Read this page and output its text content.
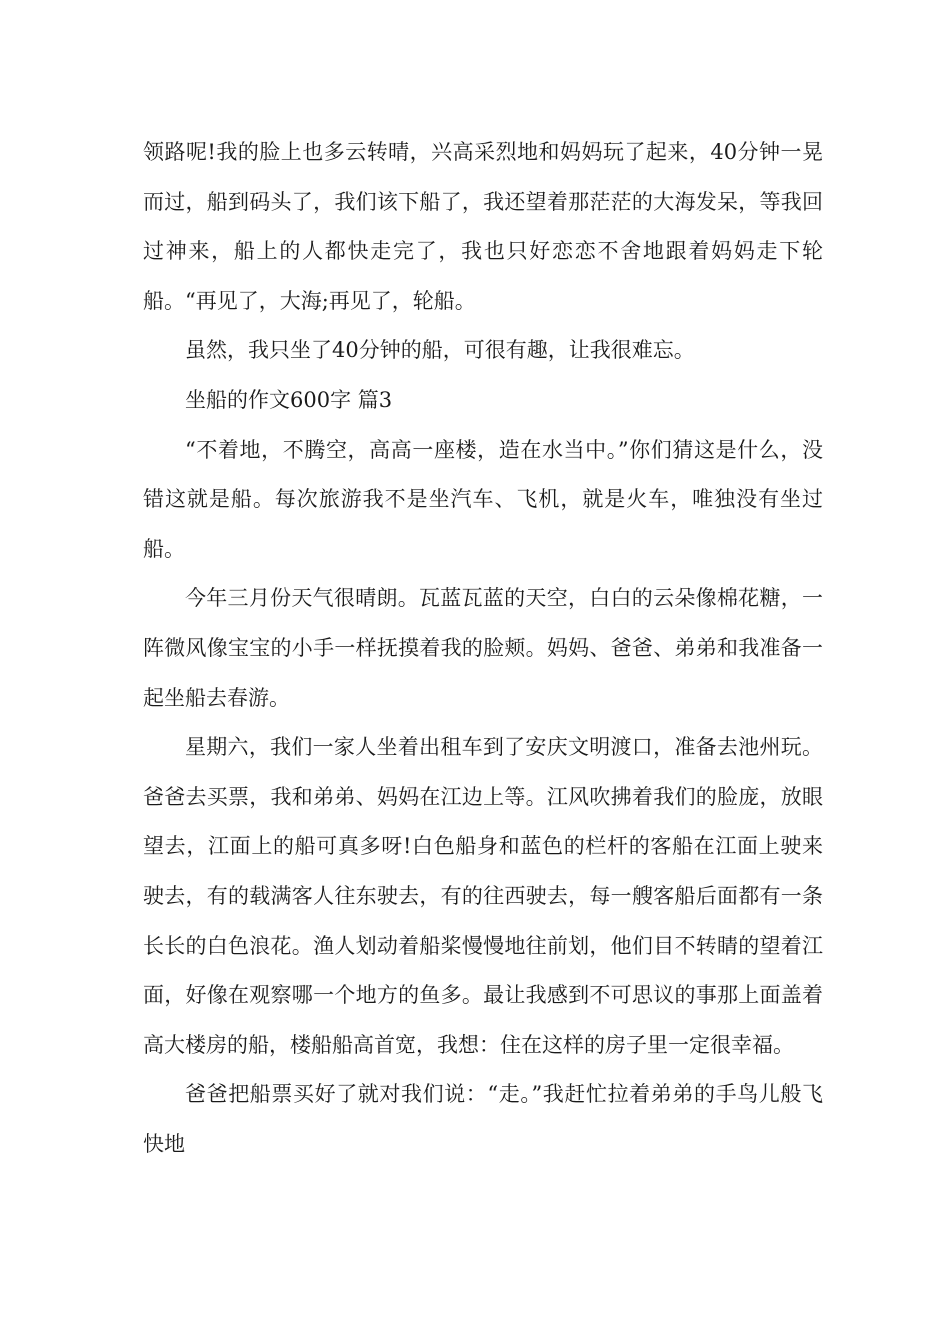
领路呢!我的脸上也多云转晴，兴高采烈地和妈妈玩了起来，40分钟一晃而过，船到码头了，我们该下船了，我还望着那茫茫的大海发呆，等我回过神来，船上的人都快走完了，我也只好恋恋不舍地跟着妈妈走下轮船。“再见了，大海;再见了，轮船。

虽然，我只坐了40分钟的船，可很有趣，让我很难忘。

坐船的作文600字 篇3

“不着地，不腾空，高高一座楼，造在水当中。”你们猜这是什么，没错这就是船。每次旅游我不是坐汽车、飞机，就是火车，唯独没有坐过船。

今年三月份天气很晴朗。瓦蓝瓦蓝的天空，白白的云朵像棉花糖，一阵微风像宝宝的小手一样抚摸着我的脸颊。妈妈、爸爸、弟弟和我准备一起坐船去春游。

星期六，我们一家人坐着出租车到了安庆文明渡口，准备去池州玩。爸爸去买票，我和弟弟、妈妈在江边上等。江风吹拂着我们的脸庞，放眼望去，江面上的船可真多呀!白色船身和蓝色的栏杆的客船在江面上驶来驶去，有的载满客人往东驶去，有的往西驶去，每一艘客船后面都有一条长长的白色浪花。渔人划动着船桨慢慢地往前划，他们目不转睛的望着江面，好像在观察哪一个地方的鱼多。最让我感到不可思议的事那上面盖着高大楼房的船，楼船船高首宽，我想：住在这样的房子里一定很幸福。

爸爸把船票买好了就对我们说：“走。”我赶忙拉着弟弟的手鸟儿般飞快地
